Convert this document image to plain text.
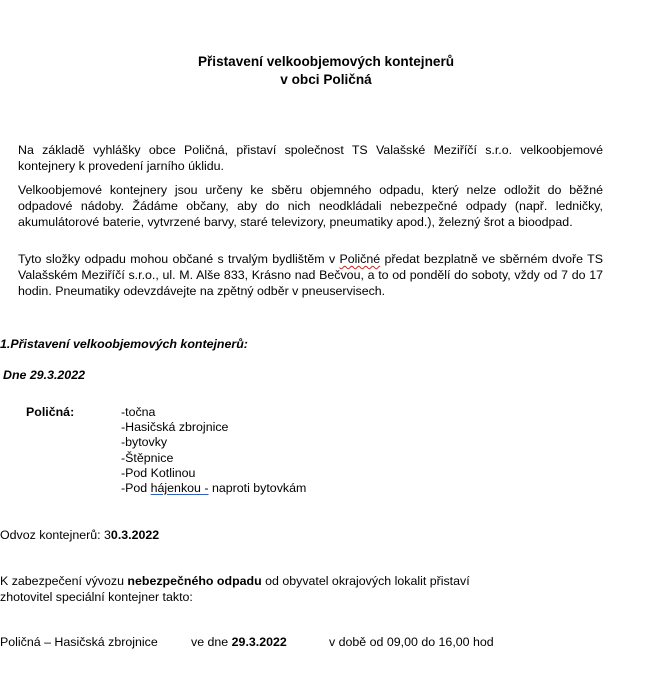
Přistavení velkoobjemových kontejnerů
v obci Poličná
Na základě vyhlášky obce Poličná, přistaví společnost TS Valašské Meziříčí s.r.o. velkoobjemové kontejnery k provedení jarního úklidu.
Velkoobjemové kontejnery jsou určeny ke sběru objemného odpadu, který nelze odložit do běžné odpadové nádoby. Žádáme občany, aby do nich neodkládali nebezpečné odpady (např. ledničky, akumulátorové baterie, vytvrzené barvy, staré televizory, pneumatiky apod.), železný šrot a bioodpad.
Tyto složky odpadu mohou občané s trvalým bydlištěm v Poličné předat bezplatně ve sběrném dvoře TS Valašském Meziříčí s.r.o., ul. M. Alše 833, Krásno nad Bečvou, a to od pondělí do soboty, vždy od 7 do 17 hodin. Pneumatiky odevzdávejte na zpětný odběr v pneuservisech.
1.Přistavení velkoobjemových kontejnerů:
Dne 29.3.2022
Poličná:	-točna
-Hasičská zbrojnice
-bytovky
-Štěpnice
-Pod Kotlinou
-Pod hájenkou - naproti bytovkám
Odvoz kontejnerů: 30.3.2022
K zabezpečení vývozu nebezpečného odpadu od obyvatel okrajových lokalit přistaví
zhotovitel speciální kontejner takto:
Poličná – Hasičská zbrojnice	ve dne 29.3.2022	v době od 09,00 do 16,00 hod
